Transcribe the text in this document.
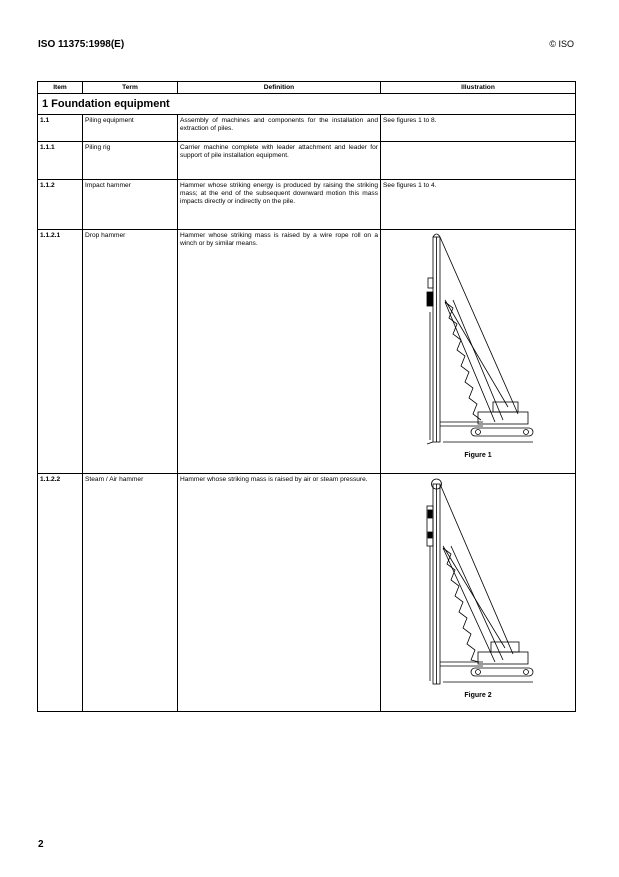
ISO 11375:1998(E)	© ISO
Item	Term	Definition	Illustration
1 Foundation equipment			
1.1	Piling equipment	Assembly of machines and components for the installation and extraction of piles.	See figures 1 to 8.
1.1.1	Piling rig	Carrier machine complete with leader attachment and leader for support of pile installation equipment.	
1.1.2	Impact hammer	Hammer whose striking energy is produced by raising the striking mass; at the end of the subsequent downward motion this mass impacts directly or indirectly on the pile.	See figures 1 to 4.
1.1.2.1	Drop hammer	Hammer whose striking mass is raised by a wire rope roll on a winch or by similar means.	Figure 1

1.1.2.2	Steam / Air hammer	Hammer whose striking mass is raised by air or steam pressure.	Figure 2
2
